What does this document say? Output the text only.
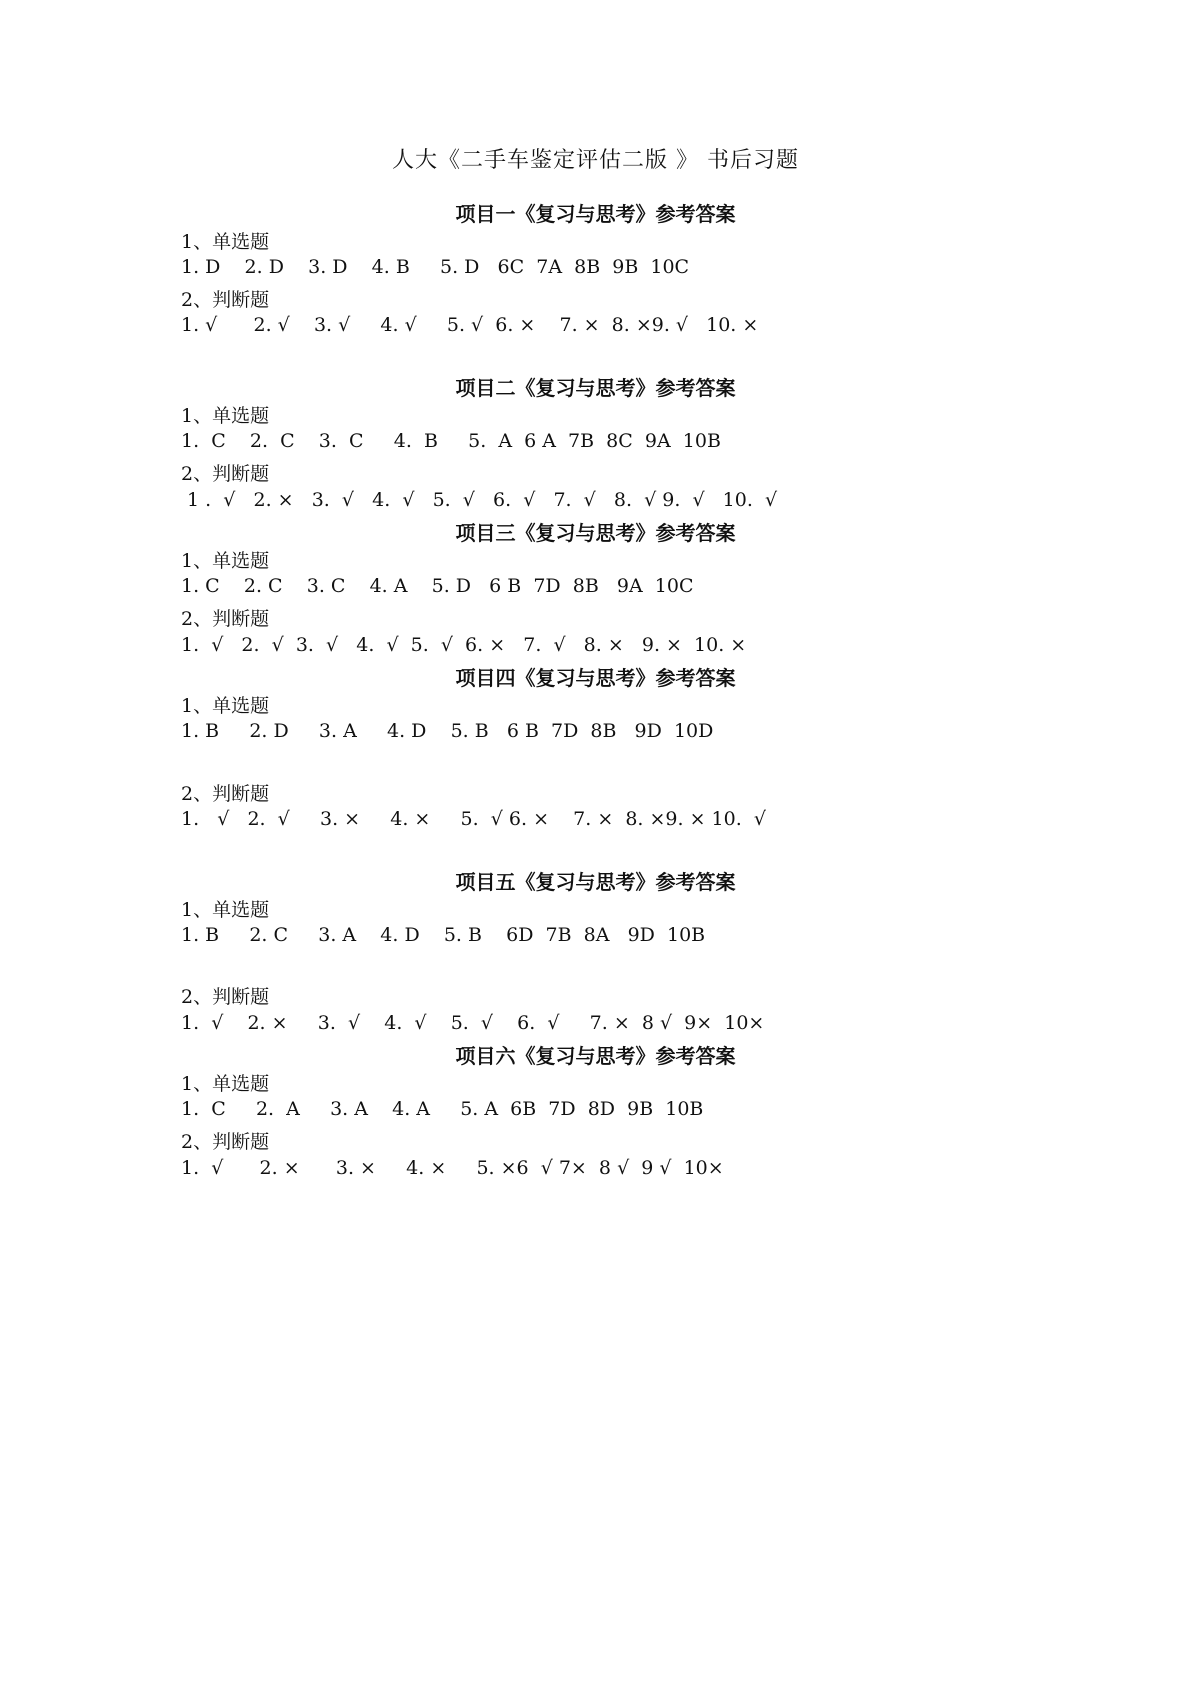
人大《二手车鉴定评估二版 》 书后习题
项目一《复习与思考》参考答案
1、单选题
1. D    2. D    3. D    4. B     5. D   6C  7A  8B  9B  10C
2、判断题
1. √      2. √    3. √     4. √     5. √  6. ×    7. ×  8. ×9. √   10. ×
项目二《复习与思考》参考答案
1、单选题
1.  C    2.  C    3.  C     4.  B     5.  A  6 A  7B  8C  9A  10B
2、判断题
1 .  √   2. ×   3.  √   4.  √   5.  √   6.  √   7.  √   8.  √ 9.  √   10.  √
项目三《复习与思考》参考答案
1、单选题
1. C    2. C    3. C    4. A    5. D   6 B  7D  8B   9A  10C
2、判断题
1.  √   2.  √  3.  √   4.  √  5.  √  6. ×   7.  √   8. ×   9. ×  10. ×
项目四《复习与思考》参考答案
1、单选题
1. B     2. D     3. A     4. D    5. B   6 B  7D  8B   9D  10D
2、判断题
1.   √   2.  √     3. ×     4. ×     5.  √ 6. ×    7. ×  8. ×9. × 10.  √
项目五《复习与思考》参考答案
1、单选题
1. B     2. C     3. A    4. D    5. B    6D  7B  8A   9D  10B
2、判断题
1.  √    2. ×     3.  √    4.  √    5.  √    6.  √     7. ×  8 √  9×  10×
项目六《复习与思考》参考答案
1、单选题
1.  C     2.  A     3. A    4. A     5. A  6B  7D  8D  9B  10B
2、判断题
1.  √      2. ×      3. ×     4. ×     5. ×6  √ 7×  8 √  9 √  10×
